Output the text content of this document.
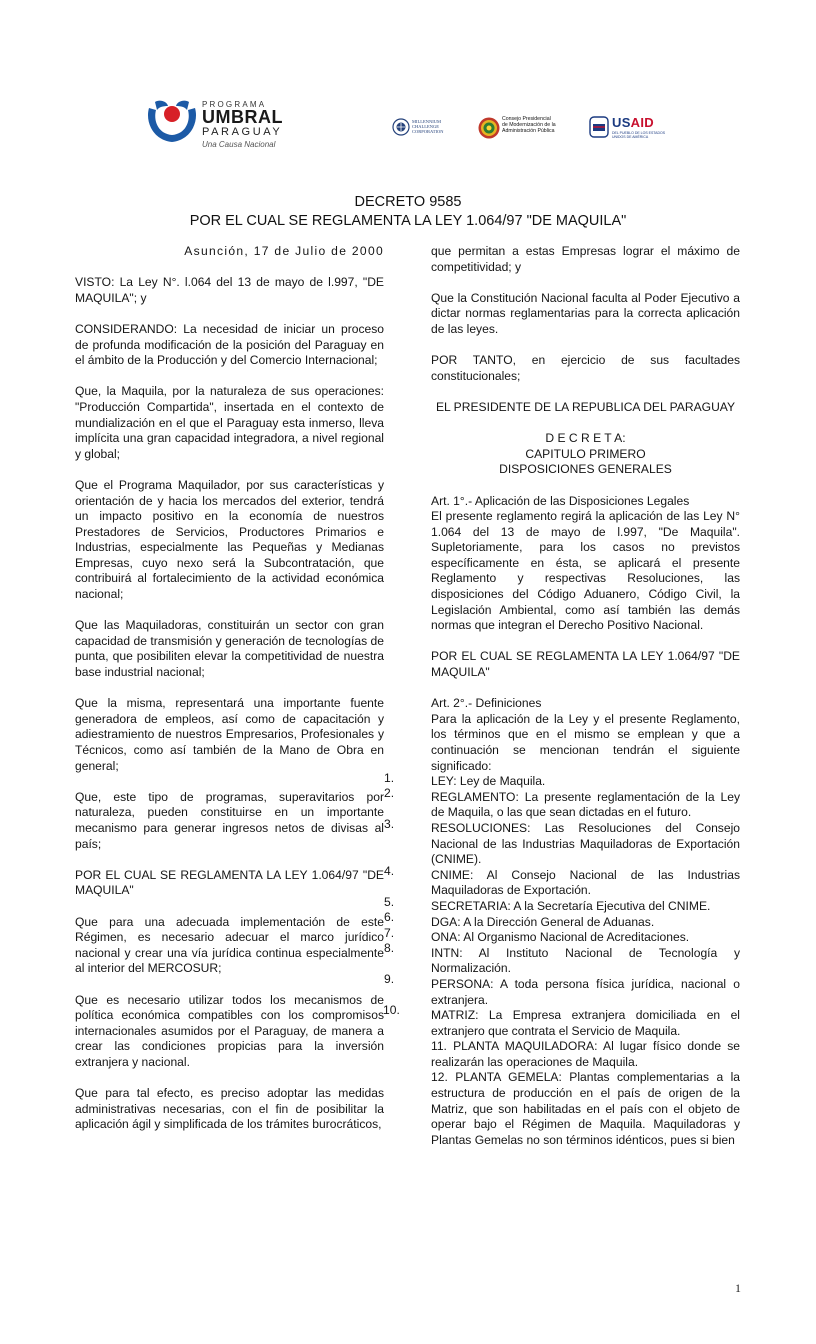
PROGRAMA
UMBRAL
PARAGUAY
Una Causa Nacional
MILLENNIUM
CHALLENGE
CORPORATION
Consejo Presidencial
de Modernización de la
Administración Pública
USAID
DEL PUEBLO DE LOS ESTADOS
UNIDOS DE AMÉRICA
DECRETO 9585
POR EL CUAL SE REGLAMENTA LA LEY 1.064/97 "DE MAQUILA"
Asunción, 17 de Julio de 2000

VISTO: La Ley N°. l.064 del 13 de mayo de l.997, "DE MAQUILA"; y

CONSIDERANDO: La necesidad de iniciar un proceso de profunda modificación de la posición del Paraguay en el ámbito de la Producción y del Comercio Internacional;

Que, la Maquila, por la naturaleza de sus operaciones: "Producción Compartida", insertada en el contexto de mundialización en el que el Paraguay esta inmerso, lleva implícita una gran capacidad integradora, a nivel regional y global;

Que el Programa Maquilador, por sus características y orientación de y hacia los mercados del exterior, tendrá un impacto positivo en la economía de nuestros Prestadores de Servicios, Productores Primarios e Industrias, especialmente las Pequeñas y Medianas Empresas, cuyo nexo será la Subcontratación, que contribuirá al fortalecimiento de la actividad económica nacional;

Que las Maquiladoras, constituirán un sector con gran capacidad de transmisión y generación de tecnologías de punta, que posibiliten elevar la competitividad de nuestra base industrial nacional;

Que la misma, representará una importante fuente generadora de empleos, así como de capacitación y adiestramiento de nuestros Empresarios, Profesionales y Técnicos, como así también de la Mano de Obra en general;

Que, este tipo de programas, superavitarios por naturaleza, pueden constituirse en un importante mecanismo para generar ingresos netos de divisas al país;

POR EL CUAL SE REGLAMENTA LA LEY 1.064/97 "DE MAQUILA"

Que para una adecuada implementación de este Régimen, es necesario adecuar el marco jurídico nacional y crear una vía jurídica continua especialmente al interior del MERCOSUR;

Que es necesario utilizar todos los mecanismos de política económica compatibles con los compromisos internacionales asumidos por el Paraguay, de manera a crear las condiciones propicias para la inversión extranjera y nacional.

Que para tal efecto, es preciso adoptar las medidas administrativas necesarias, con el fin de posibilitar la aplicación ágil y simplificada de los trámites burocráticos,

1.
2.
3.
4.
5.
6.
7.
8.
9.
10.

que permitan a estas Empresas lograr el máximo de competitividad; y

Que la Constitución Nacional faculta al Poder Ejecutivo a dictar normas reglamentarias para la correcta aplicación de las leyes.

POR TANTO, en ejercicio de sus facultades constitucionales;

EL PRESIDENTE DE LA REPUBLICA DEL PARAGUAY

D E C R E T A:
CAPITULO PRIMERO
DISPOSICIONES GENERALES
Art. 1°.- Aplicación de las Disposiciones Legales
El presente reglamento regirá la aplicación de las Ley N° 1.064 del 13 de mayo de l.997, "De Maquila". Supletoriamente, para los casos no previstos específicamente en ésta, se aplicará el presente Reglamento y respectivas Resoluciones, las disposiciones del Código Aduanero, Código Civil, la Legislación Ambiental, como así también las demás normas que integran el Derecho Positivo Nacional.

POR EL CUAL SE REGLAMENTA LA LEY 1.064/97 "DE MAQUILA"

Art. 2°.- Definiciones
Para la aplicación de la Ley y el presente Reglamento, los términos que en el mismo se emplean y que a continuación se mencionan tendrán el siguiente significado:
LEY: Ley de Maquila.
REGLAMENTO: La presente reglamentación de la Ley de Maquila, o las que sean dictadas en el futuro.
RESOLUCIONES: Las Resoluciones del Consejo Nacional de las Industrias Maquiladoras de Exportación (CNIME).
CNIME: Al Consejo Nacional de las Industrias Maquiladoras de Exportación.
SECRETARIA: A la Secretaría Ejecutiva del CNIME.
DGA: A la Dirección General de Aduanas.
ONA: Al Organismo Nacional de Acreditaciones.
INTN: Al Instituto Nacional de Tecnología y Normalización.
PERSONA: A toda persona física jurídica, nacional o extranjera.
MATRIZ: La Empresa extranjera domiciliada en el extranjero que contrata el Servicio de Maquila.
11. PLANTA MAQUILADORA: Al lugar físico donde se realizarán las operaciones de Maquila.
12. PLANTA GEMELA: Plantas complementarias a la estructura de producción en el país de origen de la Matriz, que son habilitadas en el país con el objeto de operar bajo el Régimen de Maquila. Maquiladoras y Plantas Gemelas no son términos idénticos, pues si bien
1
